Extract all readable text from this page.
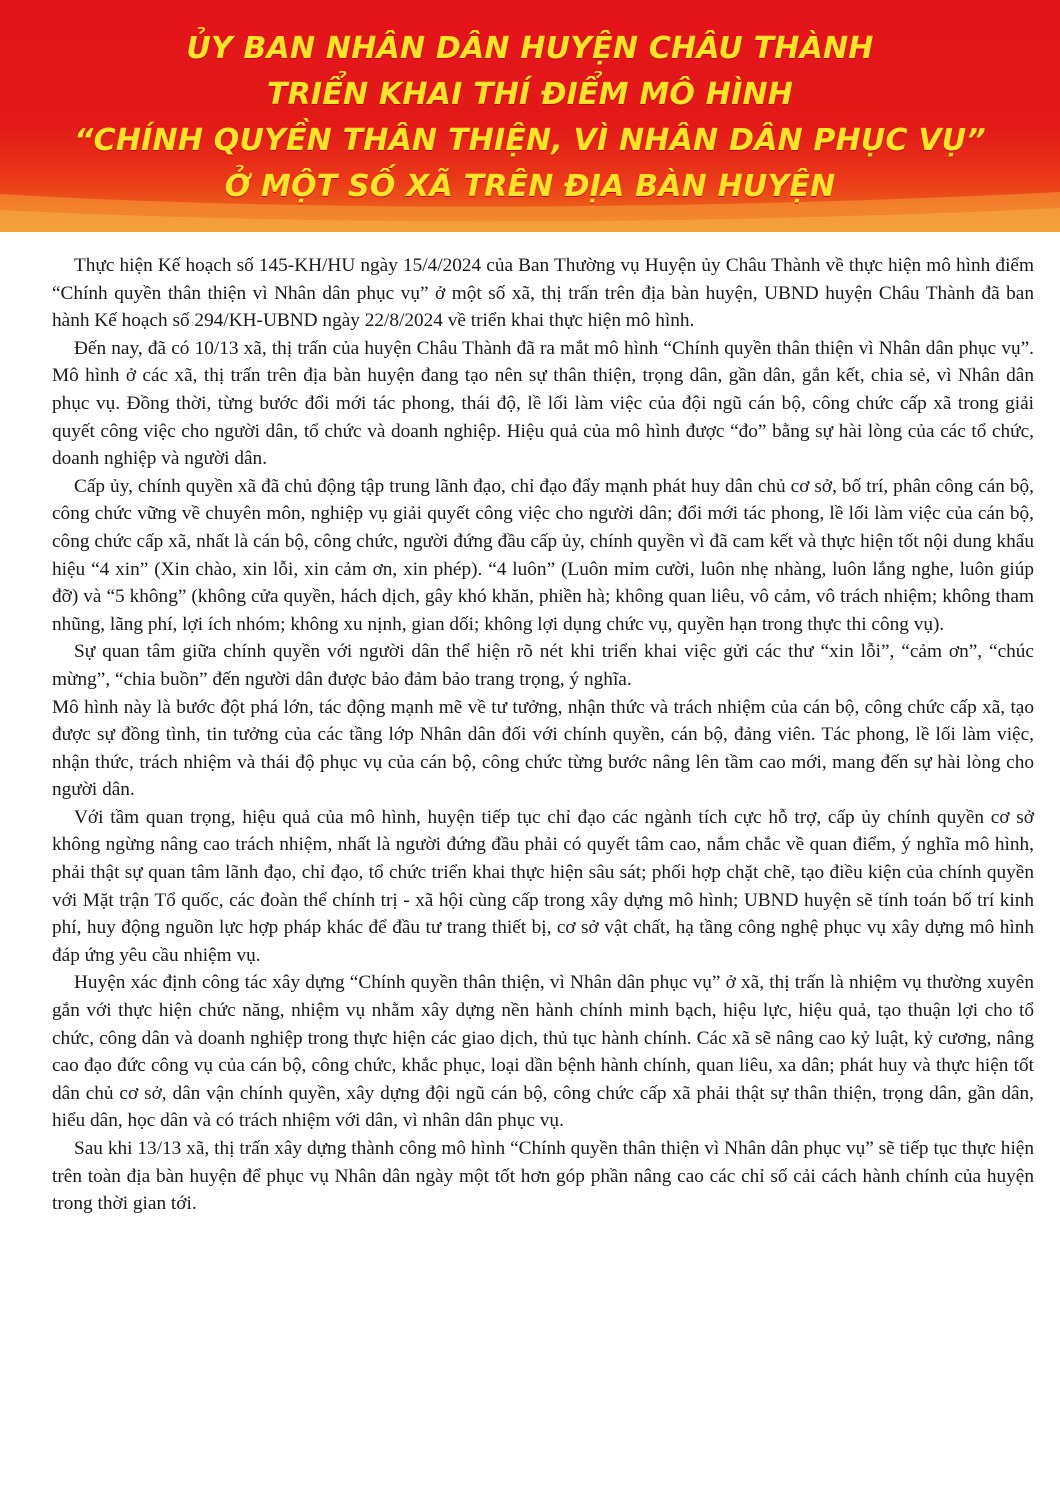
ỦY BAN NHÂN DÂN HUYỆN CHÂU THÀNH
TRIỂN KHAI THÍ ĐIỂM MÔ HÌNH
“CHÍNH QUYỀN THÂN THIỆN, VÌ NHÂN DÂN PHỤC VỤ”
Ở MỘT SỐ XÃ TRÊN ĐỊA BÀN HUYỆN

Thực hiện Kế hoạch số 145-KH/HU ngày 15/4/2024 của Ban Thường vụ Huyện ủy Châu Thành về thực hiện mô hình điểm “Chính quyền thân thiện vì Nhân dân phục vụ” ở một số xã, thị trấn trên địa bàn huyện, UBND huyện Châu Thành đã ban hành Kế hoạch số 294/KH-UBND ngày 22/8/2024 về triển khai thực hiện mô hình.

Đến nay, đã có 10/13 xã, thị trấn của huyện Châu Thành đã ra mắt mô hình “Chính quyền thân thiện vì Nhân dân phục vụ”. Mô hình ở các xã, thị trấn trên địa bàn huyện đang tạo nên sự thân thiện, trọng dân, gần dân, gắn kết, chia sẻ, vì Nhân dân phục vụ. Đồng thời, từng bước đổi mới tác phong, thái độ, lề lối làm việc của đội ngũ cán bộ, công chức cấp xã trong giải quyết công việc cho người dân, tổ chức và doanh nghiệp. Hiệu quả của mô hình được “đo” bằng sự hài lòng của các tổ chức, doanh nghiệp và người dân.

Cấp ủy, chính quyền xã đã chủ động tập trung lãnh đạo, chỉ đạo đẩy mạnh phát huy dân chủ cơ sở, bố trí, phân công cán bộ, công chức vững về chuyên môn, nghiệp vụ giải quyết công việc cho người dân; đổi mới tác phong, lề lối làm việc của cán bộ, công chức cấp xã, nhất là cán bộ, công chức, người đứng đầu cấp ủy, chính quyền vì đã cam kết và thực hiện tốt nội dung khẩu hiệu “4 xin” (Xin chào, xin lỗi, xin cảm ơn, xin phép). “4 luôn” (Luôn mỉm cười, luôn nhẹ nhàng, luôn lắng nghe, luôn giúp đỡ) và “5 không” (không cửa quyền, hách dịch, gây khó khăn, phiền hà; không quan liêu, vô cảm, vô trách nhiệm; không tham nhũng, lãng phí, lợi ích nhóm; không xu nịnh, gian dối; không lợi dụng chức vụ, quyền hạn trong thực thi công vụ).

Sự quan tâm giữa chính quyền với người dân thể hiện rõ nét khi triển khai việc gửi các thư “xin lỗi”, “cảm ơn”, “chúc mừng”, “chia buồn” đến người dân được bảo đảm bảo trang trọng, ý nghĩa.

Mô hình này là bước đột phá lớn, tác động mạnh mẽ về tư tưởng, nhận thức và trách nhiệm của cán bộ, công chức cấp xã, tạo được sự đồng tình, tin tưởng của các tầng lớp Nhân dân đối với chính quyền, cán bộ, đảng viên. Tác phong, lề lối làm việc, nhận thức, trách nhiệm và thái độ phục vụ của cán bộ, công chức từng bước nâng lên tầm cao mới, mang đến sự hài lòng cho người dân.

Với tầm quan trọng, hiệu quả của mô hình, huyện tiếp tục chỉ đạo các ngành tích cực hỗ trợ, cấp ủy chính quyền cơ sở không ngừng nâng cao trách nhiệm, nhất là người đứng đầu phải có quyết tâm cao, nắm chắc về quan điểm, ý nghĩa mô hình, phải thật sự quan tâm lãnh đạo, chỉ đạo, tổ chức triển khai thực hiện sâu sát; phối hợp chặt chẽ, tạo điều kiện của chính quyền với Mặt trận Tổ quốc, các đoàn thể chính trị - xã hội cùng cấp trong xây dựng mô hình; UBND huyện sẽ tính toán bố trí kinh phí, huy động nguồn lực hợp pháp khác để đầu tư trang thiết bị, cơ sở vật chất, hạ tầng công nghệ phục vụ xây dựng mô hình đáp ứng yêu cầu nhiệm vụ.

Huyện xác định công tác xây dựng “Chính quyền thân thiện, vì Nhân dân phục vụ” ở xã, thị trấn là nhiệm vụ thường xuyên gắn với thực hiện chức năng, nhiệm vụ nhằm xây dựng nền hành chính minh bạch, hiệu lực, hiệu quả, tạo thuận lợi cho tổ chức, công dân và doanh nghiệp trong thực hiện các giao dịch, thủ tục hành chính. Các xã sẽ nâng cao kỷ luật, kỷ cương, nâng cao đạo đức công vụ của cán bộ, công chức, khắc phục, loại dần bệnh hành chính, quan liêu, xa dân; phát huy và thực hiện tốt dân chủ cơ sở, dân vận chính quyền, xây dựng đội ngũ cán bộ, công chức cấp xã phải thật sự thân thiện, trọng dân, gần dân, hiểu dân, học dân và có trách nhiệm với dân, vì nhân dân phục vụ.

Sau khi 13/13 xã, thị trấn xây dựng thành công mô hình “Chính quyền thân thiện vì Nhân dân phục vụ” sẽ tiếp tục thực hiện trên toàn địa bàn huyện để phục vụ Nhân dân ngày một tốt hơn góp phần nâng cao các chỉ số cải cách hành chính của huyện trong thời gian tới.
